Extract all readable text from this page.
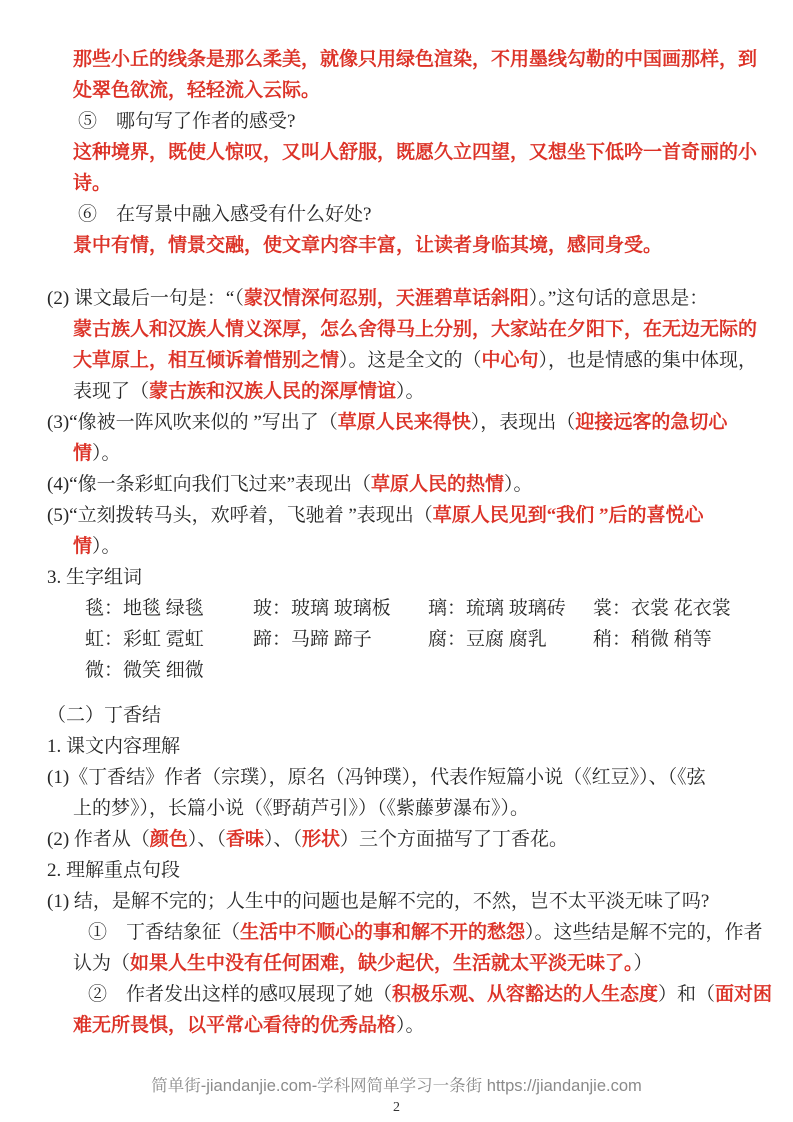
那些小丘的线条是那么柔美，就像只用绿色渲染，不用墨线勾勒的中国画那样，到
处翠色欲流，轻轻流入云际。
⑤　哪句写了作者的感受?
这种境界，既使人惊叹，又叫人舒服，既愿久立四望，又想坐下低吟一首奇丽的小
诗。
⑥　在写景中融入感受有什么好处?
景中有情，情景交融，使文章内容丰富，让读者身临其境，感同身受。
(2) 课文最后一句是：“（蒙汉情深何忍别，天涯碧草话斜阳）。”这句话的意思是：
蒙古族人和汉族人情义深厚，怎么舍得马上分别，大家站在夕阳下，在无边无际的
大草原上，相互倾诉着惜别之情）。这是全文的（中心句），也是情感的集中体现，
表现了（蒙古族和汉族人民的深厚情谊）。
(3)“像被一阵风吹来似的 ”写出了（草原人民来得快），表现出（迎接远客的急切心
情）。
(4)“像一条彩虹向我们飞过来”表现出（草原人民的热情）。
(5)“立刻拨转马头，欢呼着，飞驰着 ”表现出（草原人民见到“我们 ”后的喜悦心
情）。
3. 生字组词
毯：地毯 绿毯	玻：玻璃 玻璃板 璃：琉璃 玻璃砖 裳：衣裳 花衣裳
虹：彩虹 霓虹	蹄：马蹄 蹄子	腐：豆腐 腐乳 稍：稍微 稍等
微：微笑 细微
（二）丁香结
1. 课文内容理解
(1)《丁香结》作者（宗璞），原名（冯钟璞），代表作短篇小说（《红豆》）、（《弦
上的梦》），长篇小说（《野葫芦引》）（《紫藤萝瀑布》）。
(2) 作者从（颜色）、（香味）、（形状）三个方面描写了丁香花。
2. 理解重点句段
(1) 结，是解不完的；人生中的问题也是解不完的，不然，岂不太平淡无味了吗?
①　丁香结象征（生活中不顺心的事和解不开的愁怨）。这些结是解不完的，作者
认为（如果人生中没有任何困难，缺少起伏，生活就太平淡无味了。）
②　作者发出这样的感叹展现了她（积极乐观、从容豁达的人生态度）和（面对困
难无所畏惧，以平常心看待的优秀品格）。
简单街-jiandanjie.com-学科网简单学习一条街 https://jiandanjie.com
2
